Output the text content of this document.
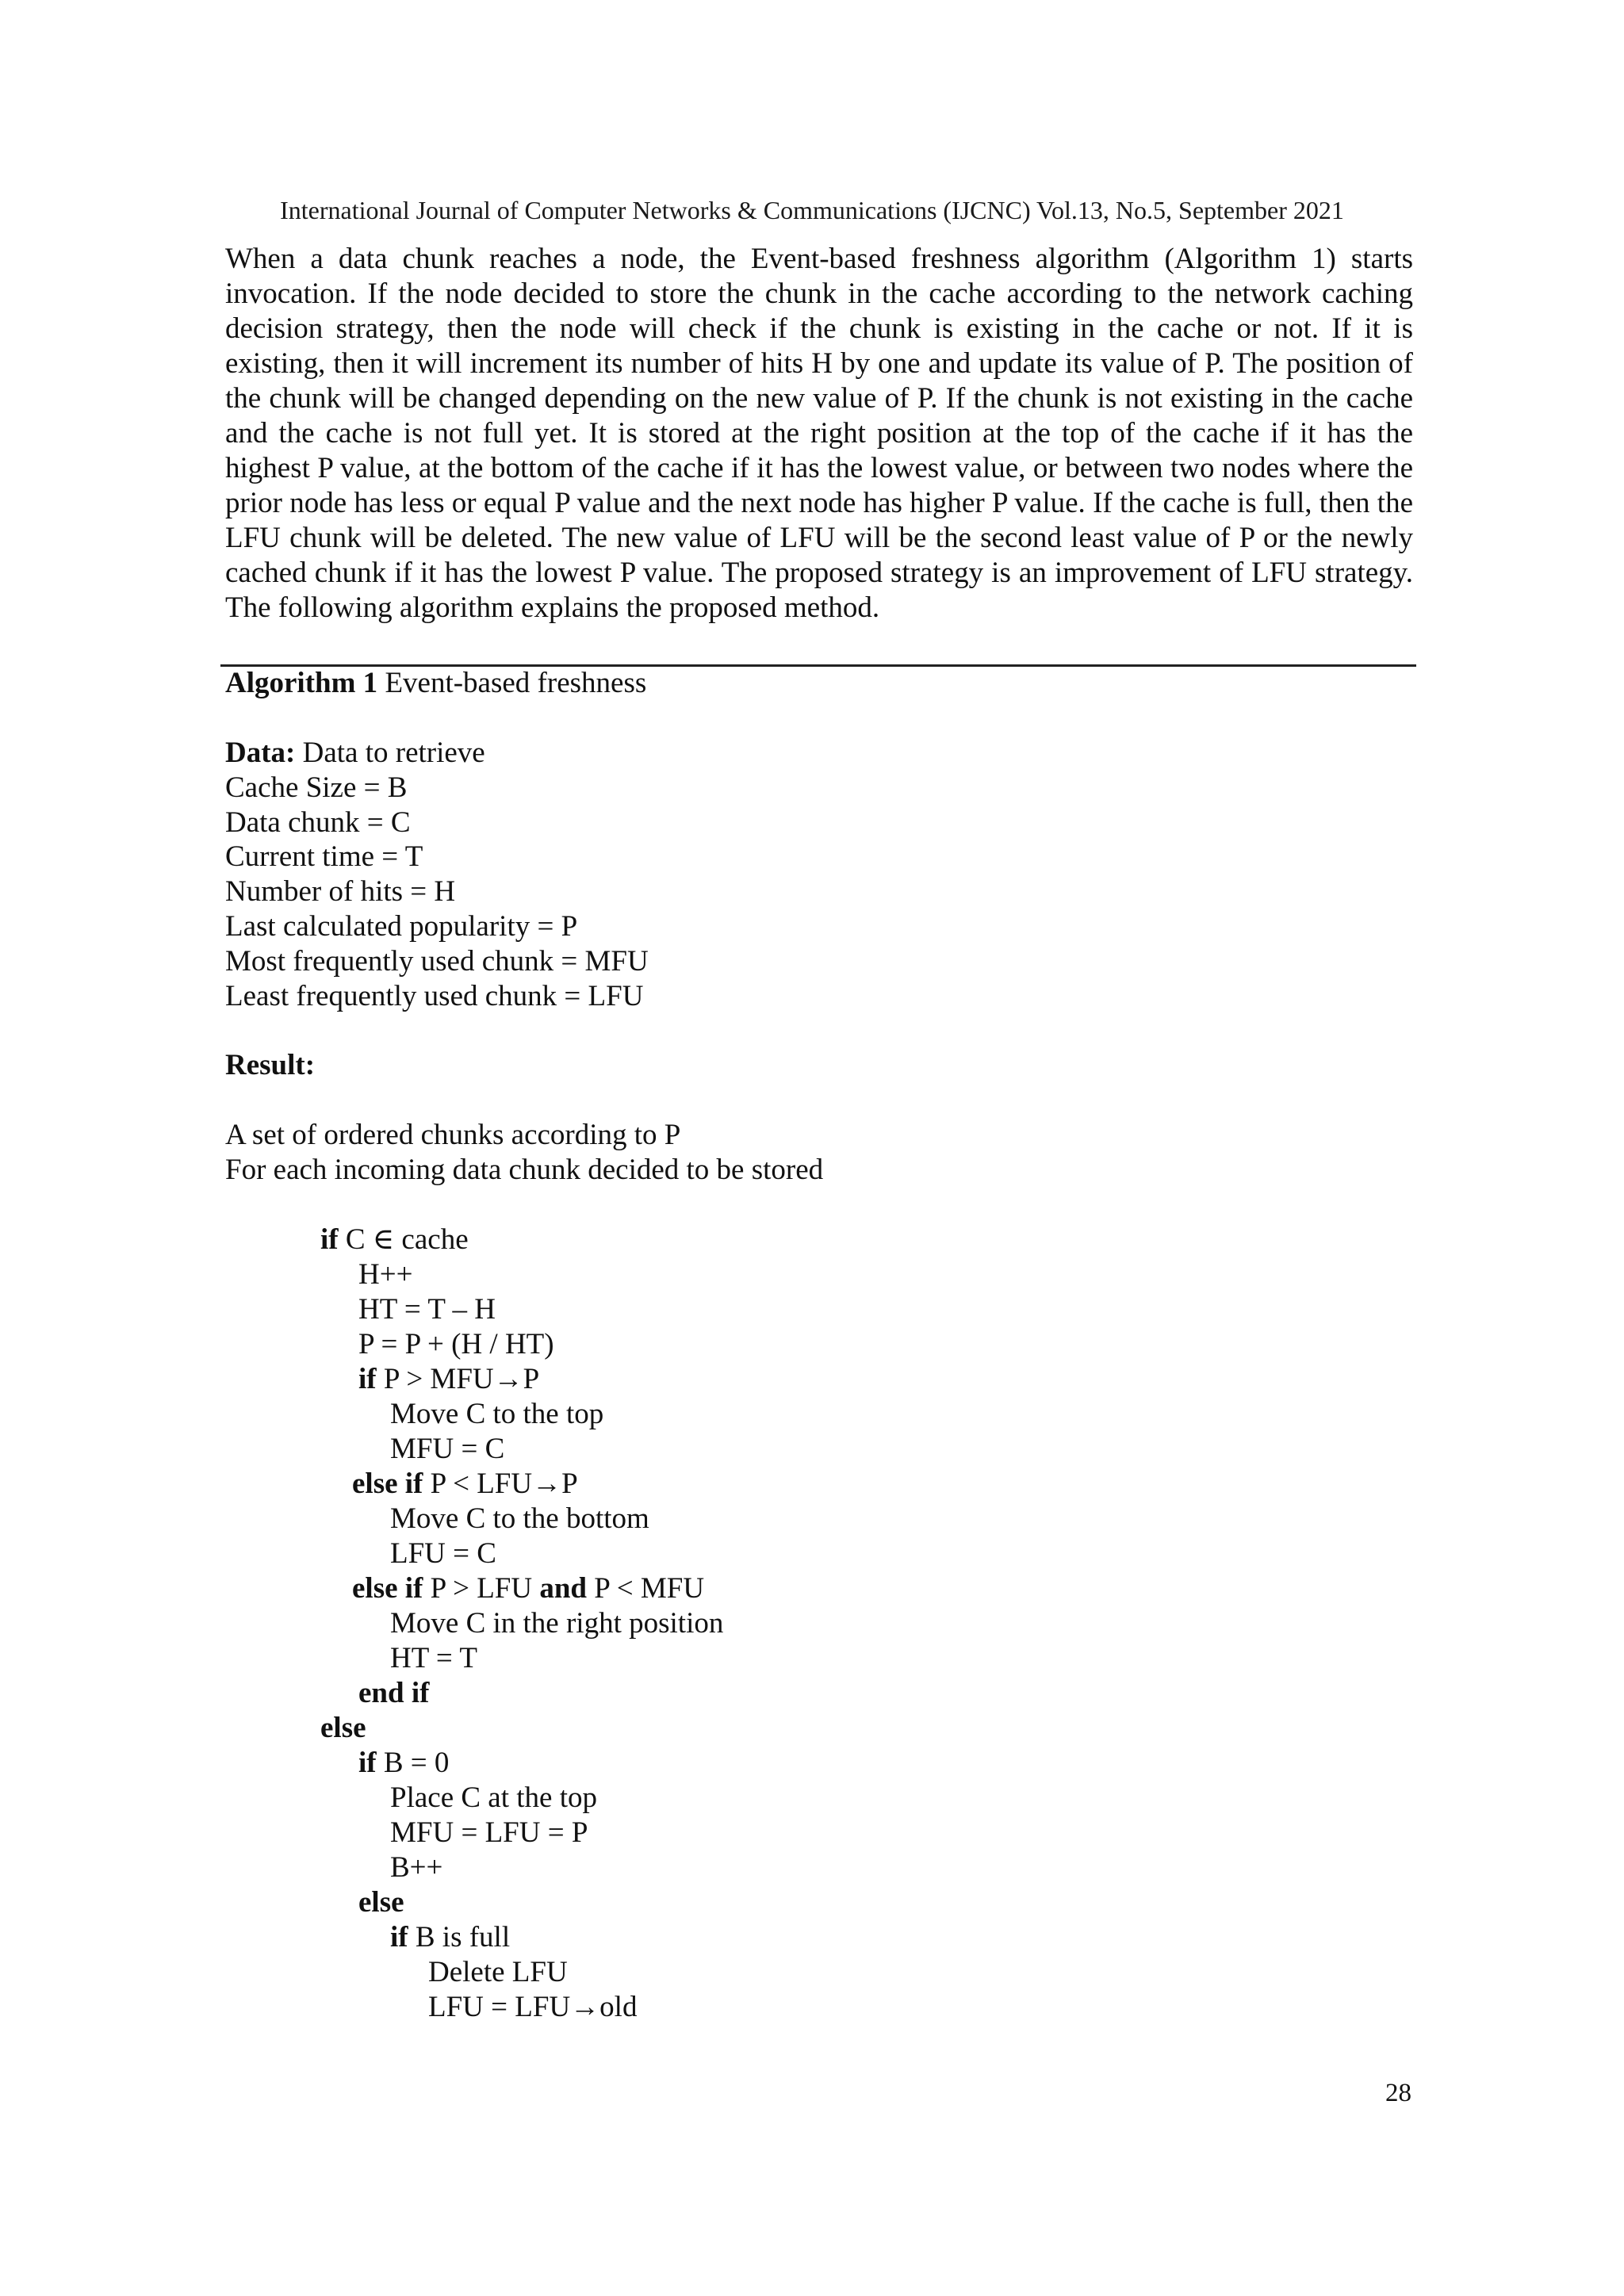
International Journal of Computer Networks & Communications (IJCNC) Vol.13, No.5, September 2021

When a data chunk reaches a node, the Event-based freshness algorithm (Algorithm 1) starts invocation. If the node decided to store the chunk in the cache according to the network caching decision strategy, then the node will check if the chunk is existing in the cache or not. If it is existing, then it will increment its number of hits H by one and update its value of P. The position of the chunk will be changed depending on the new value of P. If the chunk is not existing in the cache and the cache is not full yet. It is stored at the right position at the top of the cache if it has the highest P value, at the bottom of the cache if it has the lowest value, or between two nodes where the prior node has less or equal P value and the next node has higher P value. If the cache is full, then the LFU chunk will be deleted. The new value of LFU will be the second least value of P or the newly cached chunk if it has the lowest P value. The proposed strategy is an improvement of LFU strategy. The following algorithm explains the proposed method.

Algorithm 1 Event-based freshness
Data: Data to retrieve
Cache Size = B
Data chunk = C
Current time = T
Number of hits = H
Last calculated popularity = P
Most frequently used chunk = MFU
Least frequently used chunk = LFU
Result:
A set of ordered chunks according to P
For each incoming data chunk decided to be stored
if C ∈ cache
H++
HT = T – H
P = P + (H / HT)
if P > MFU→P
Move C to the top
MFU = C
else if P < LFU→P
Move C to the bottom
LFU = C
else if P > LFU and P < MFU
Move C in the right position
HT = T
end if
else
if B = 0
Place C at the top
MFU = LFU = P
B++
else
if B is full
Delete LFU
LFU = LFU→old
28
